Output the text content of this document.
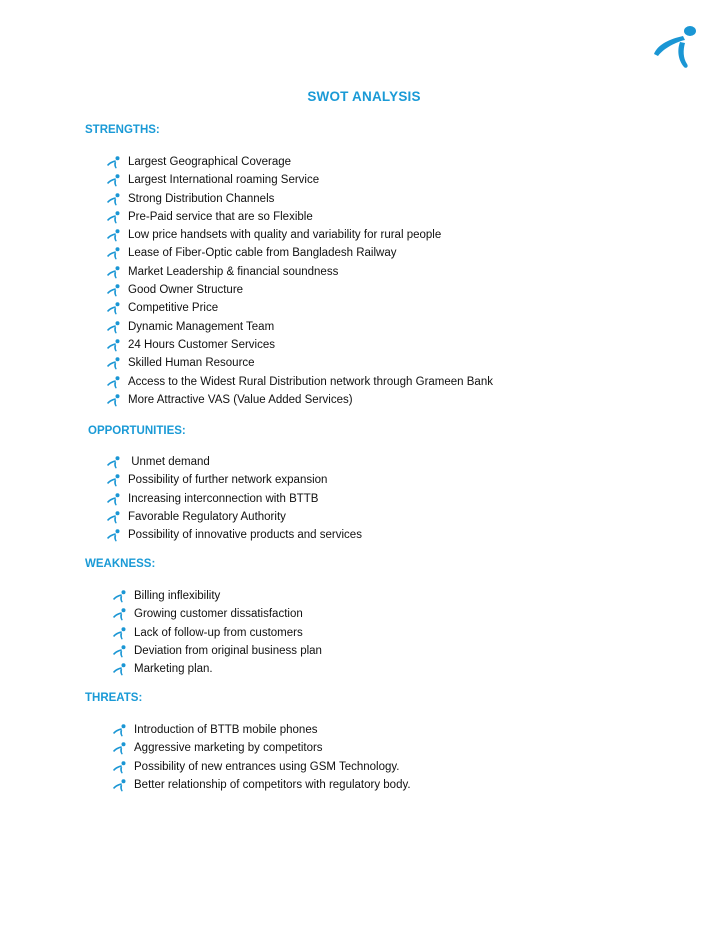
SWOT ANALYSIS
STRENGTHS:
Largest Geographical Coverage
Largest International roaming Service
Strong Distribution Channels
Pre-Paid service that are so Flexible
Low price handsets with quality and variability for rural people
Lease of Fiber-Optic cable from Bangladesh Railway
Market Leadership & financial soundness
Good Owner Structure
Competitive Price
Dynamic Management Team
24 Hours Customer Services
Skilled Human Resource
Access to the Widest Rural Distribution network through Grameen Bank
More Attractive VAS (Value Added Services)
OPPORTUNITIES:
Unmet demand
Possibility of further network expansion
Increasing interconnection with BTTB
Favorable Regulatory Authority
Possibility of innovative products and services
WEAKNESS:
Billing inflexibility
Growing customer dissatisfaction
Lack of follow-up from customers
Deviation from original business plan
Marketing plan.
THREATS:
Introduction of BTTB mobile phones
Aggressive marketing by competitors
Possibility of new entrances using GSM Technology.
Better relationship of competitors with regulatory body.
